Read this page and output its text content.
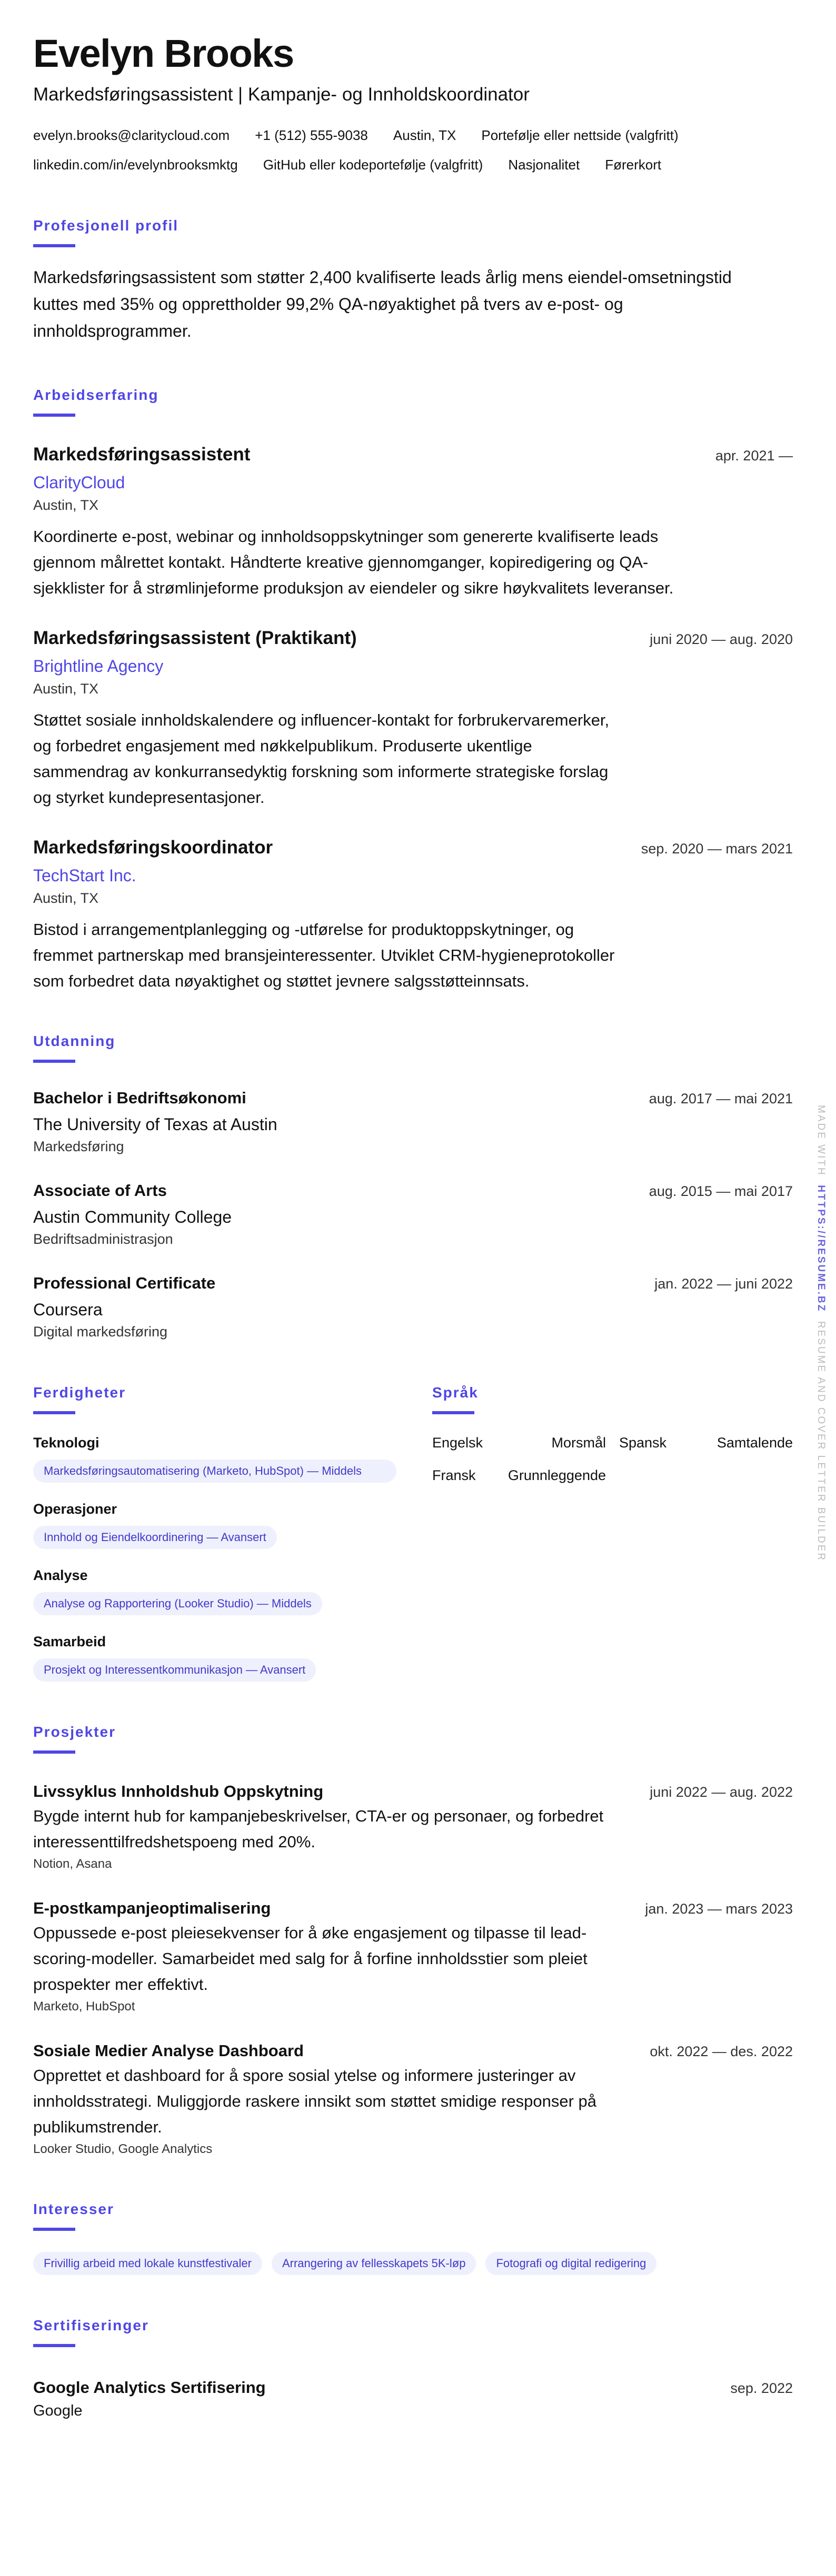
Evelyn Brooks
Markedsføringsassistent | Kampanje- og Innholdskoordinator
evelyn.brooks@claritycloud.com +1 (512) 555-9038 Austin, TX Portefølje eller nettside (valgfritt)
linkedin.com/in/evelynbrooksmktg GitHub eller kodeportefølje (valgfritt) Nasjonalitet Førerkort
Profesjonell profil

Markedsføringsassistent som støtter 2,400 kvalifiserte leads årlig mens eiendel-omsetningstid kuttes med 35% og opprettholder 99,2% QA-nøyaktighet på tvers av e-post- og innholdsprogrammer.

Arbeidserfaring
Markedsføringsassistent	apr. 2021 —
ClarityCloud
Austin, TX

Koordinerte e-post, webinar og innholdsoppskytninger som genererte kvalifiserte leads gjennom målrettet kontakt. Håndterte kreative gjennomganger, kopiredigering og QA-sjekklister for å strømlinjeforme produksjon av eiendeler og sikre høykvalitets leveranser.

Markedsføringsassistent (Praktikant)	juni 2020 — aug. 2020
Brightline Agency
Austin, TX

Støttet sosiale innholdskalendere og influencer-kontakt for forbrukervaremerker, og forbedret engasjement med nøkkelpublikum. Produserte ukentlige sammendrag av konkurransedyktig forskning som informerte strategiske forslag og styrket kundepresentasjoner.

Markedsføringskoordinator	sep. 2020 — mars 2021
TechStart Inc.
Austin, TX

Bistod i arrangementplanlegging og -utførelse for produktoppskytninger, og fremmet partnerskap med bransjeinteressenter. Utviklet CRM-hygieneprotokoller som forbedret data nøyaktighet og støttet jevnere salgsstøtteinnsats.

Utdanning
Bachelor i Bedriftsøkonomi	aug. 2017 — mai 2021
The University of Texas at Austin
Markedsføring
Associate of Arts	aug. 2015 — mai 2017
Austin Community College
Bedriftsadministrasjon
Professional Certificate	jan. 2022 — juni 2022
Coursera
Digital markedsføring
Ferdigheter
Teknologi
Markedsføringsautomatisering (Marketo, HubSpot) — Middels
Operasjoner
Innhold og Eiendelkoordinering — Avansert
Analyse
Analyse og Rapportering (Looker Studio) — Middels
Samarbeid
Prosjekt og Interessentkommunikasjon — Avansert
Språk
Engelsk	Morsmål Spansk	Samtalende
Fransk Grunnleggende
Prosjekter
Livssyklus Innholdshub Oppskytning	juni 2022 — aug. 2022

Bygde internt hub for kampanjebeskrivelser, CTA-er og personaer, og forbedret interessenttilfredshetspoeng med 20%.

Notion, Asana
E-postkampanjeoptimalisering	jan. 2023 — mars 2023

Oppussede e-post pleiesekvenser for å øke engasjement og tilpasse til lead-scoring-modeller. Samarbeidet med salg for å forfine innholdsstier som pleiet prospekter mer effektivt.

Marketo, HubSpot
Sosiale Medier Analyse Dashboard	okt. 2022 — des. 2022

Opprettet et dashboard for å spore sosial ytelse og informere justeringer av innholdsstrategi. Muliggjorde raskere innsikt som støttet smidige responser på publikumstrender.

Looker Studio, Google Analytics
Interesser
Frivillig arbeid med lokale kunstfestivaler	Arrangering av fellesskapets 5K-løp	Fotografi og digital redigering
Sertifiseringer
Google Analytics Sertifisering	sep. 2022
Google
MADE WITH  HTTPS://RESUME.BZ  RESUME AND COVER LETTER BUILDER
